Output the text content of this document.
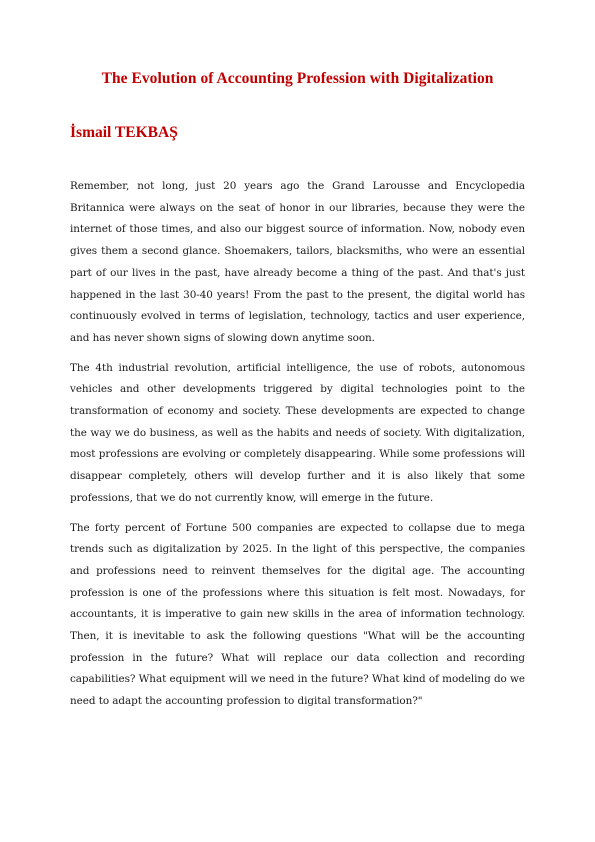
The Evolution of Accounting Profession with Digitalization
İsmail TEKBAŞ

Remember, not long, just 20 years ago the Grand Larousse and Encyclopedia Britannica were always on the seat of honor in our libraries, because they were the internet of those times, and also our biggest source of information. Now, nobody even gives them a second glance. Shoemakers, tailors, blacksmiths, who were an essential part of our lives in the past, have already become a thing of the past. And that's just happened in the last 30-40 years! From the past to the present, the digital world has continuously evolved in terms of legislation, technology, tactics and user experience, and has never shown signs of slowing down anytime soon.

The 4th industrial revolution, artificial intelligence, the use of robots, autonomous vehicles and other developments triggered by digital technologies point to the transformation of economy and society. These developments are expected to change the way we do business, as well as the habits and needs of society. With digitalization, most professions are evolving or completely disappearing. While some professions will disappear completely, others will develop further and it is also likely that some professions, that we do not currently know, will emerge in the future.

The forty percent of Fortune 500 companies are expected to collapse due to mega trends such as digitalization by 2025. In the light of this perspective, the companies and professions need to reinvent themselves for the digital age. The accounting profession is one of the professions where this situation is felt most. Nowadays, for accountants, it is imperative to gain new skills in the area of information technology. Then, it is inevitable to ask the following questions "What will be the accounting profession in the future? What will replace our data collection and recording capabilities? What equipment will we need in the future? What kind of modeling do we need to adapt the accounting profession to digital transformation?"
